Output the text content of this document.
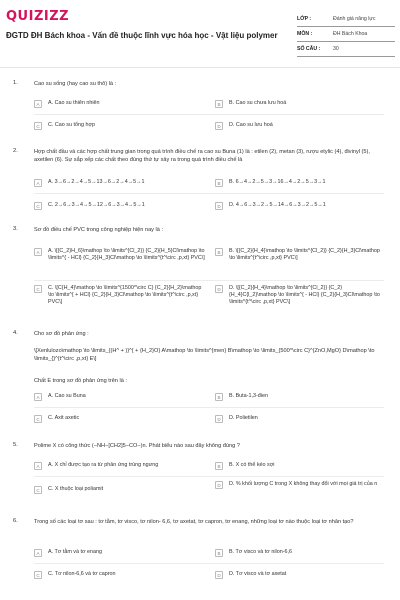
QUIZIZZ
ĐGTD ĐH Bách khoa - Vấn đề thuộc lĩnh vực hóa học - Vật liệu polymer
LỚP :	Đánh giá năng lực
MÔN :	ĐH Bách Khoa
SỐ CÂU :	30
1.	Cao su sống (hay cao su thô) là :
A	A. Cao su thiên nhiên	B	B. Cao su chưa lưu hoá
C	C. Cao su tổng hợp	D	D. Cao su lưu hoá
2.	Hợp chất đầu và các hợp chất trung gian trong quá trình điều chế ra cao su Buna (1) là : etilen (2), metan (3), rượu etylic (4), đivinyl (5), axetilen (6). Sự sắp xếp các chất theo đúng thứ tự xảy ra trong quá trình điều chế là
A	A. 3→6→2→4→5→13→6→2→4→5→1	B	B. 6→4→2→5→3→16→4→2→5→3→1
C	C. 2→6→3→4→5→12→6→3→4→5→1	D	D. 4→6→3→2→5→14→6→3→2→5→1
3.	Sơ đồ điều chế PVC trong công nghiệp hiện nay là :
A	A. \[{C_2}H_6}\mathop \to \limits^{Cl_2}} {C_2}{H_5}Cl\mathop \to \limits^{ - HCl} {C_2}{H_3}Cl\mathop \to \limits^{t^\circ ,p,xt} PVC\]
B	B. \[{C_2}{H_4}\mathop \to \limits^{Cl_2}} {C_2}{H_3}Cl\mathop \to \limits^{t^\circ ,p,xt} PVC\]
C	C. \[C{H_4}\mathop \to \limits^{1500^\circ C} {C_2}{H_2}\mathop \to \limits^{ + HCl} {C_2}{H_3}Cl\mathop \to \limits^{t^\circ ,p,xt} PVC\]
D	D. \[{C_2}{H_4}\mathop \to \limits^{Cl_2}} {C_2}{H_4}C{l_2}\mathop \to \limits^{ - HCl} {C_2}{H_3}Cl\mathop \to \limits^{t^\circ ,p,xt} PVC\]
4.	Cho sơ đồ phản ứng :
\[Xenlulozo\mathop \to \limits_{(H^ + )}^{ + {H_2}O} A\mathop \to \limits^{men} B\mathop \to \limits_{500^\circ C}^{ZnO,MgO} D\mathop \to \limits_{}^{t^\circ ,p,xt} E\]
Chất E trong sơ đồ phản ứng trên là :
A	A. Cao su Buna	B	B. Buta-1,3-đien
C	C. Axit axetic	D	D. Polietilen
5.	Polime X có công thức (−NH−[CH2]5−CO−)n. Phát biểu nào sau đây không đúng ?
A	A. X chỉ được tạo ra từ phản ứng trùng ngưng	B	B. X có thể kéo sợi
C	C. X thuộc loại poliamit
D	D. % khối lượng C trong X không thay đổi với mọi giá trị của n
6.	Trong số các loại tơ sau : tơ tằm, tơ visco, tơ nilon- 6,6, tơ axetat, tơ capron, tơ enang, những loại tơ nào thuộc loại tơ nhân tạo?
A	A. Tơ tằm và tơ enang	B	B. Tơ visco và tơ nilon-6,6
C	C. Tơ nilon-6,6 và tơ capron	D	D. Tơ visco và tơ axetat
